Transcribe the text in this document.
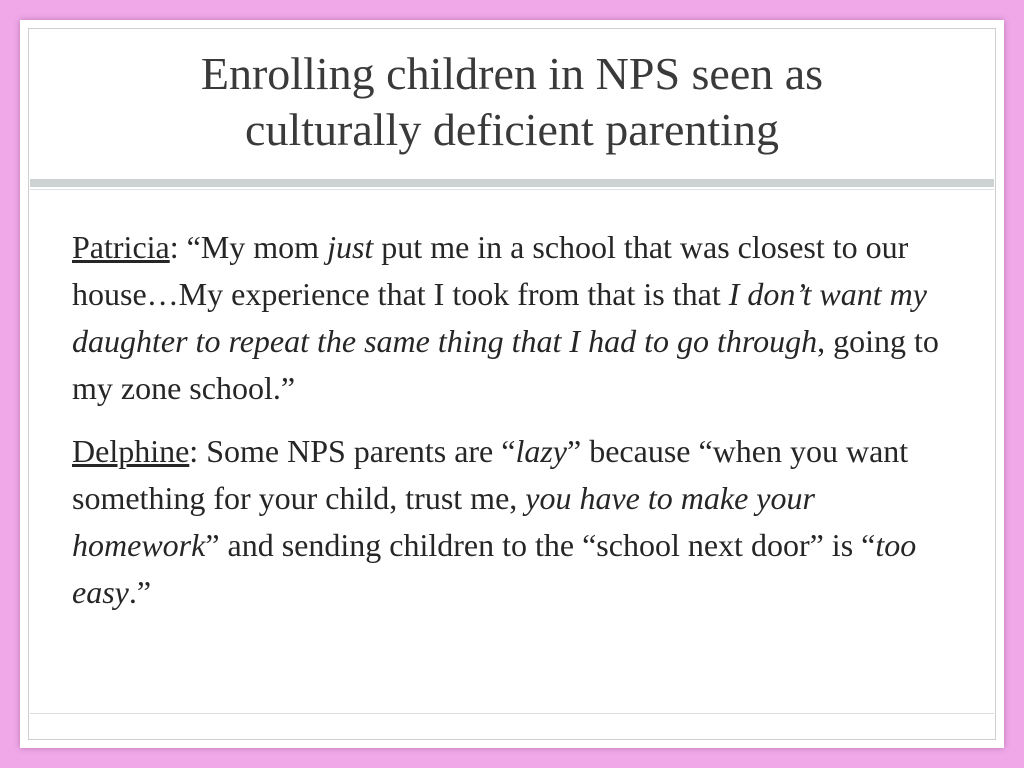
Enrolling children in NPS seen as
culturally deficient parenting

Patricia: “My mom just put me in a school that was closest to our house…My experience that I took from that is that I don’t want my daughter to repeat the same thing that I had to go through, going to my zone school.”

Delphine: Some NPS parents are “lazy” because “when you want something for your child, trust me, you have to make your homework” and sending children to the “school next door” is “too easy.”
